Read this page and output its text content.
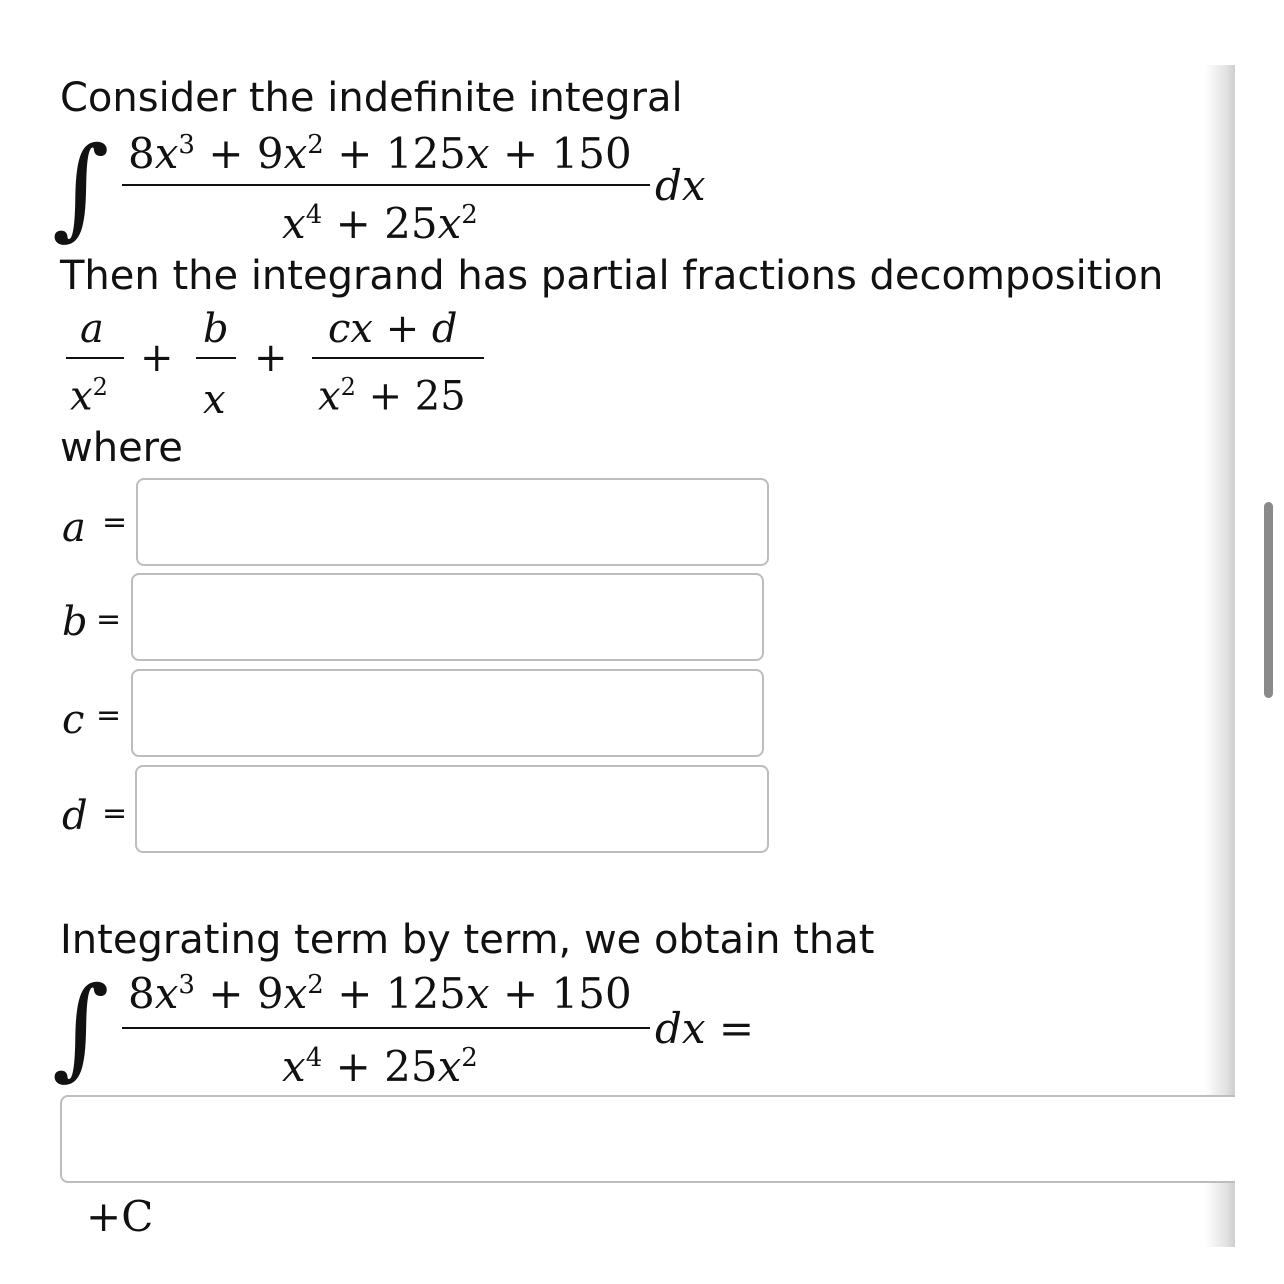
Consider the indefinite integral
∫ $8x^3 + 9x^2 + 125x + 150$
$x^4 + 25x^2$
dx
Then the integrand has partial fractions decomposition
a
$x^2$
+
b
x
+
cx + d
$x^2 + 25$
where
a =
b =
c =
d =
Integrating term by term, we obtain that
∫ $8x^3 + 9x^2 + 125x + 150$
$x^4 + 25x^2$
dx =
+C
